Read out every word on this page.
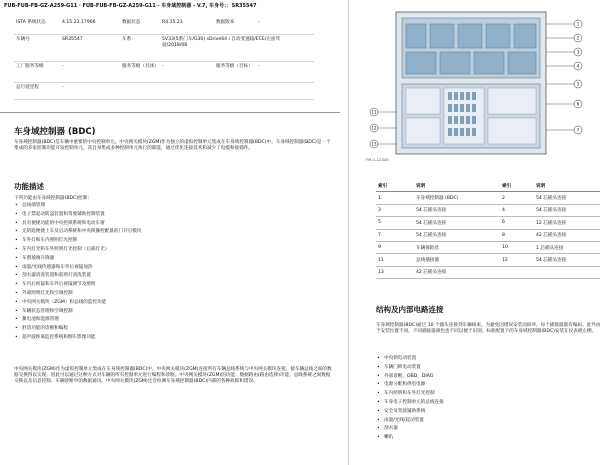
FUB-FUB-FB-GZ-A259-G11 · FUB-FUB-FB-GZ-A259-G11 - 车身域控制器 - V.7, 车身号：：SR35547
ISTA 系统状态	4.15.23.17966	数据状态	R4.15.23	数据版本	-
车辆号	SR35547	车系：	5V33(5系门车/G30) sDrive64 i 自动变速箱/ECE/左座驾驶/2018/08
工厂服务等级	-	服务等级（具体） -	服务等级（目标）	-
总行驶里程	-
车身域控制器 (BDC)
车身域控制器(BDC)是车辆中重要的中央控制单元。中央网关模块(ZGM)作为独立的虚拟控制单元集成在车身域控制器(BDC)中。车身域控制器(BDC)是一个集成的多家控制功能开发控制单元，其自身集成多种控制单元执行的职能，通过优化连接技术和减少了电缆和接插件。
功能描述
下列功能由车身域控制器(BDC)控制：
• 总线端管理
• 电子禁起动防盗装置和驾驶辅助控制装置
• 具有便捷功能的中央控锁系统和电动车窗
• 无钥匙便捷上车及启动系统和中央锁操控配备的门开启模块
• 车外灯和车内照明灯光控制
• 车内灯光和车外照明灯光控制（后部灯光）
• 车窗玻璃升降器
• 雨量/光线传感器和车外后视镜加热
• 刮水器清洗装置和前照灯清洗装置
• 车内后视镜和车外后视镜调节及照明
• 外部照明灯光和空调控制
• 中央网关模块（ZGM）和总线的监控功能
• 车辆状态管理和空调控制
• 蓄电池和能源管理
• 舒适功能的诊断和编程
• 超声波距离监控系统和倒车影像功能
中央网关模块(ZGM)作为虚拟控制单元集成在车身域控制器(BDC)中。中央网关模块(ZGM)连接所有车辆总线系统与中央网关模块连接。使车辆总线之间的数据交换得以实现。因此可以通过这种方式对车辆的所有控制单元进行编程和诊断。中央网关模块(ZGM)的功能：数据路由(路由选择)功能、总线系统之间数据交换以及信息控制、车辆诊断中的数据通讯。中央网关模块(ZGM)还会检测车身域控制器(BDC)内部的各种故障和错误。
1
2
3
4
5
6
7
11
12
13
FM-1-12345
索引	说明	索引	说明
1	车身域控制器 (BDC)	2	54 芯插头连接
3	54 芯插头连接	4	54 芯插头连接
5	54 芯插头连接	6	12 芯插头连接
7	54 芯插头连接	8	42 芯插头连接
9	车辆保险丝	10	1 芯插头连接
11	总线插接器	12	54 芯插头连接
13	42 芯插头连接		
结构及内部电路连接
车身域控制器(BDC)通过 10 个插头连接到车辆线束。为避免因错误安装而损坏，每个插接器都有编码。此外由于安装位置不同，不同插接器颜色也不同以便于识别。标准配置下的车身域控制器(BDC)安装在仪表板左侧。
• 中央锁电动装置
• 车辆门锁电动装置
• 外部诊断，OBD，DIAG
• 电源分配和供电电源
• 车内照明和车外灯光控制
• 车身电子控制单元的总线连接
• 安全及驾驶辅助系统
• 雨量/光线/起动装置
• 刮水器
• 喇叭
